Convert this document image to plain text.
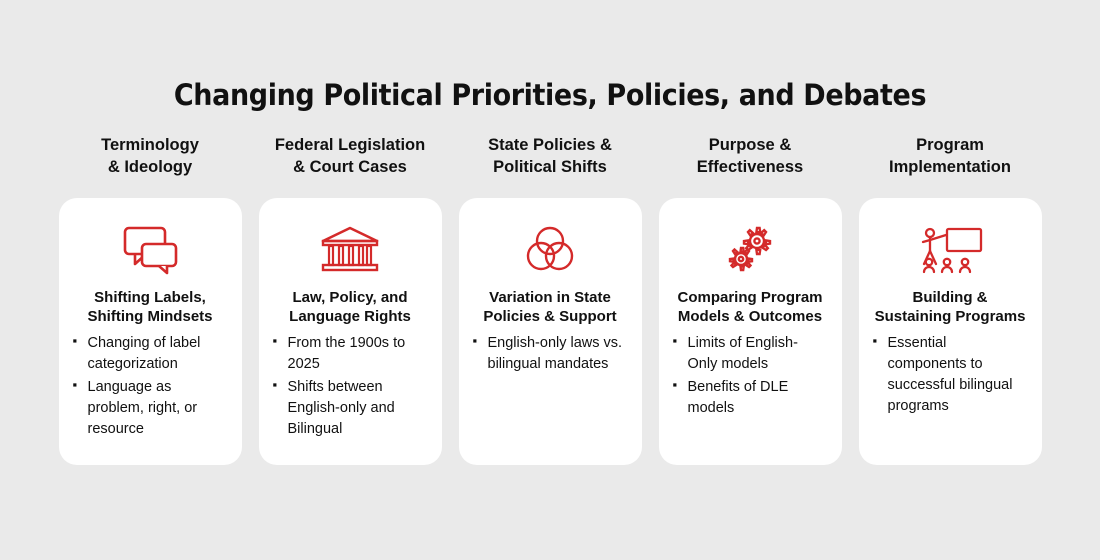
Changing Political Priorities, Policies, and Debates
Terminology
& Ideology
Shifting Labels, Shifting Mindsets
▪ Changing of label categorization
▪ Language as problem, right, or resource
Federal Legislation
& Court Cases
Law, Policy, and Language Rights
▪ From the 1900s to 2025
▪ Shifts between English-only and Bilingual
State Policies &
Political Shifts
Variation in State Policies & Support
▪ English-only laws vs. bilingual mandates
Purpose &
Effectiveness
Comparing Program Models & Outcomes
▪ Limits of English-Only models
▪ Benefits of DLE models
Program
Implementation
Building & Sustaining Programs
▪ Essential components to successful bilingual programs
